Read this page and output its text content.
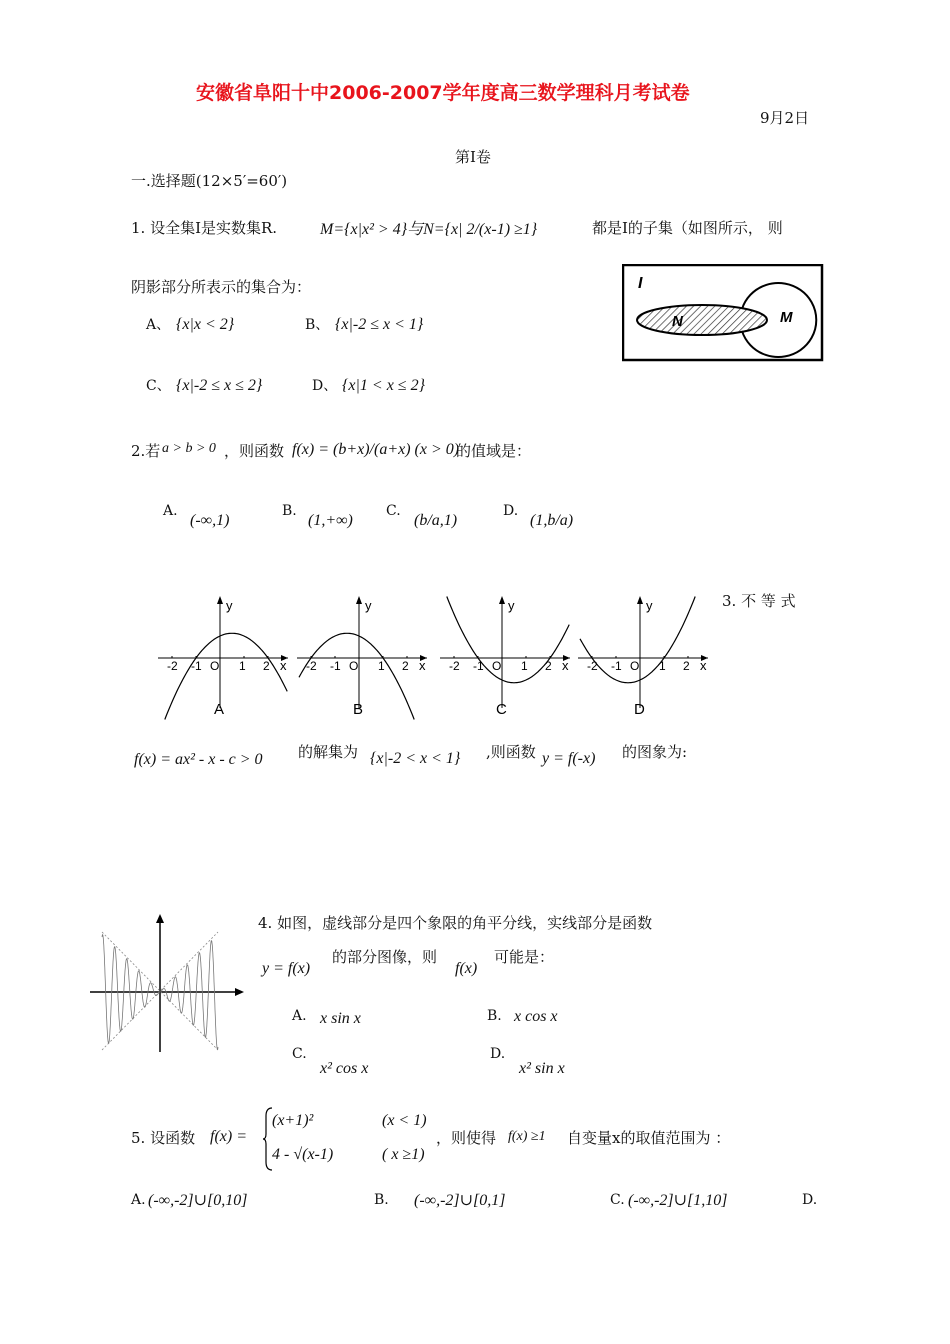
安徽省阜阳十中2006-2007学年度高三数学理科月考试卷
9月2日
第I卷
一.选择题(12×5′=60′)
1. 设全集I是实数集R.	M={x|x² > 4}与N={x| 2/(x-1) ≥1}	都是I的子集（如图所示， 则
阴影部分所表示的集合为：
A、 {x|x < 2}	B、 {x|-2 ≤ x < 1}
C、 {x|-2 ≤ x ≤ 2}	D、 {x|1 < x ≤ 2}
I
N	M
2.若 a > b > 0 ，则函数 f(x) = (b+x)/(a+x) (x > 0)
的值域是：
A.
(-∞,1)
B.
(1,+∞)
C.
(b/a,1)
D.
(1,b/a)
y
x
-2 -1 O 1 2
A
y
x
-2 -1 O 1 2
B
y
x
-2 -1 O 1 2
C
y
x
-2 -1 O 1 2
D
3. 不 等 式
f(x) = ax² - x - c > 0 的解集为 {x|-2 < x < 1} ,则函数 y = f(-x) 的图象为:
4. 如图，虚线部分是四个象限的角平分线，实线部分是函数
y = f(x)
的部分图像，则
f(x)
可能是：
A. x sin x	B. x cos x
C.
x² cos x
D.
x² sin x
5. 设函数 f(x) =
(x+1)²	(x < 1)
4 - √(x-1)	( x ≥1)
，则使得 f(x) ≥1 自变量x的取值范围为 ：
A. (-∞,-2]∪[0,10]	B. (-∞,-2]∪[0,1]	C. (-∞,-2]∪[1,10]	D.
